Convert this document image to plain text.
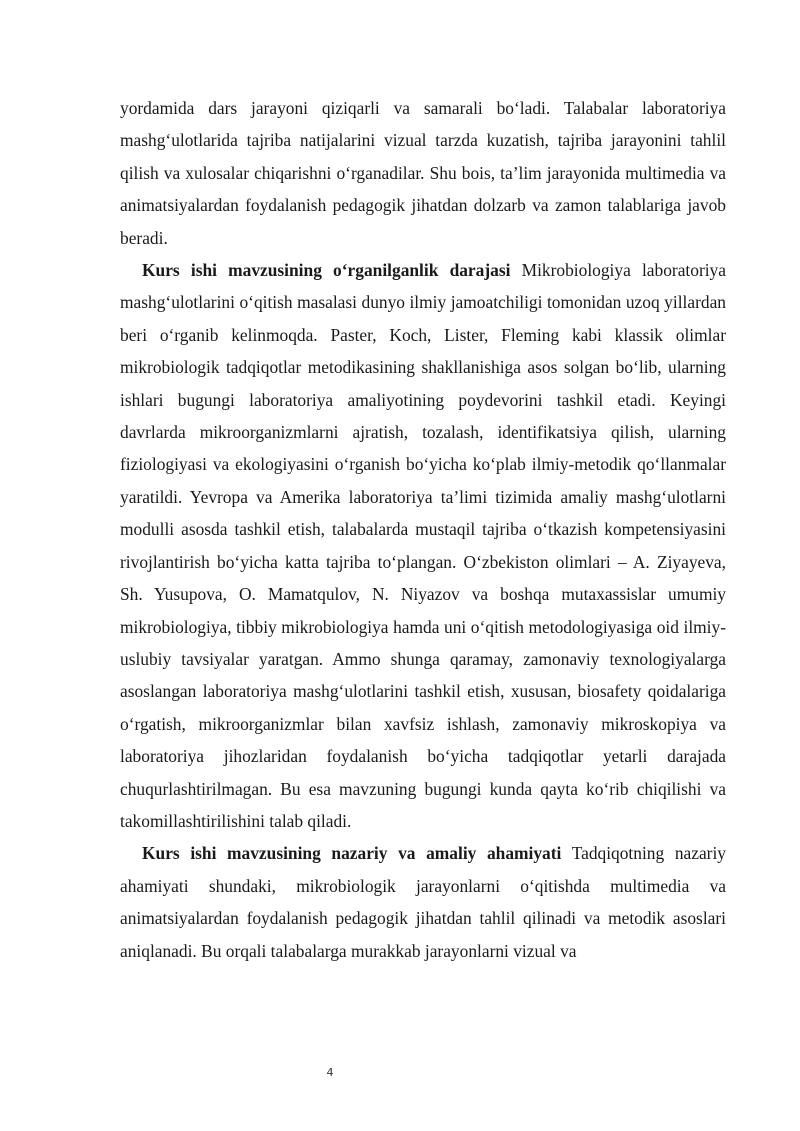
yordamida dars jarayoni qiziqarli va samarali bo‘ladi. Talabalar laboratoriya mashg‘ulotlarida tajriba natijalarini vizual tarzda kuzatish, tajriba jarayonini tahlil qilish va xulosalar chiqarishni o‘rganadilar. Shu bois, ta’lim jarayonida multimedia va animatsiyalardan foydalanish pedagogik jihatdan dolzarb va zamon talablariga javob beradi.

Kurs ishi mavzusining o‘rganilganlik darajasi Mikrobiologiya laboratoriya mashg‘ulotlarini o‘qitish masalasi dunyo ilmiy jamoatchiligi tomonidan uzoq yillardan beri o‘rganib kelinmoqda. Paster, Koch, Lister, Fleming kabi klassik olimlar mikrobiologik tadqiqotlar metodikasining shakllanishiga asos solgan bo‘lib, ularning ishlari bugungi laboratoriya amaliyotining poydevorini tashkil etadi. Keyingi davrlarda mikroorganizmlarni ajratish, tozalash, identifikatsiya qilish, ularning fiziologiyasi va ekologiyasini o‘rganish bo‘yicha ko‘plab ilmiy-metodik qo‘llanmalar yaratildi. Yevropa va Amerika laboratoriya ta’limi tizimida amaliy mashg‘ulotlarni modulli asosda tashkil etish, talabalarda mustaqil tajriba o‘tkazish kompetensiyasini rivojlantirish bo‘yicha katta tajriba to‘plangan. O‘zbekiston olimlari – A. Ziyayeva, Sh. Yusupova, O. Mamatqulov, N. Niyazov va boshqa mutaxassislar umumiy mikrobiologiya, tibbiy mikrobiologiya hamda uni o‘qitish metodologiyasiga oid ilmiy-uslubiy tavsiyalar yaratgan. Ammo shunga qaramay, zamonaviy texnologiyalarga asoslangan laboratoriya mashg‘ulotlarini tashkil etish, xususan, biosafety qoidalariga o‘rgatish, mikroorganizmlar bilan xavfsiz ishlash, zamonaviy mikroskopiya va laboratoriya jihozlaridan foydalanish bo‘yicha tadqiqotlar yetarli darajada chuqurlashtirilmagan. Bu esa mavzuning bugungi kunda qayta ko‘rib chiqilishi va takomillashtirilishini talab qiladi.

Kurs ishi mavzusining nazariy va amaliy ahamiyati Tadqiqotning nazariy ahamiyati shundaki, mikrobiologik jarayonlarni o‘qitishda multimedia va animatsiyalardan foydalanish pedagogik jihatdan tahlil qilinadi va metodik asoslari aniqlanadi. Bu orqali talabalarga murakkab jarayonlarni vizual va

4
